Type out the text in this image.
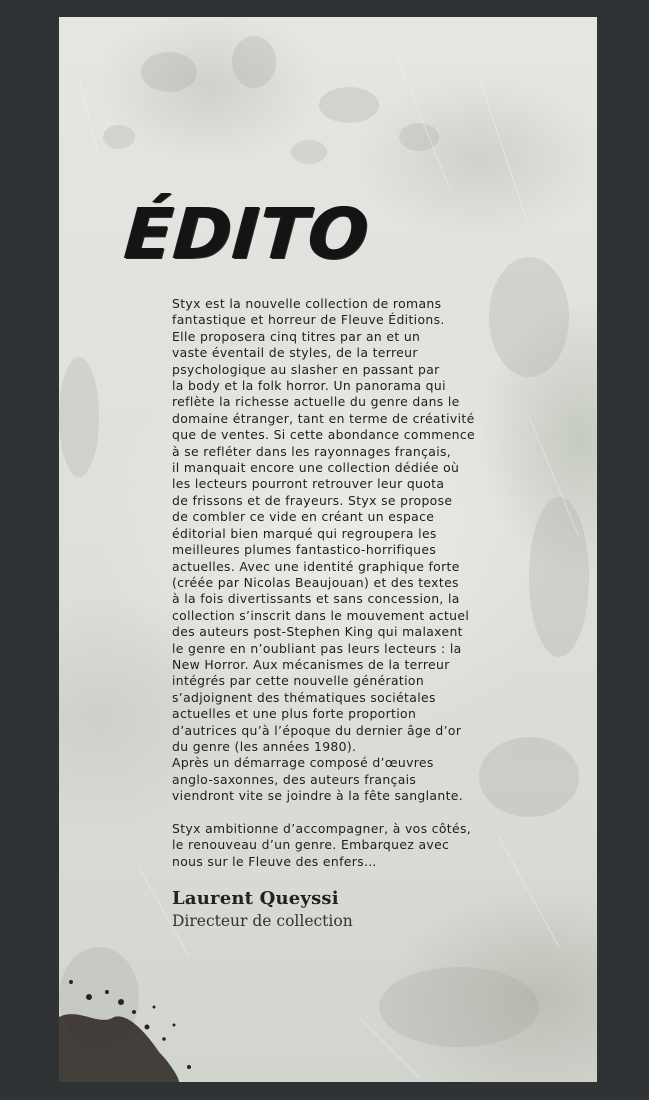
ÉDITO
Styx est la nouvelle collection de romans
fantastique et horreur de Fleuve Éditions.
Elle proposera cinq titres par an et un
vaste éventail de styles, de la terreur
psychologique au slasher en passant par
la body et la folk horror. Un panorama qui
reflète la richesse actuelle du genre dans le
domaine étranger, tant en terme de créativité
que de ventes. Si cette abondance commence
à se refléter dans les rayonnages français,
il manquait encore une collection dédiée où
les lecteurs pourront retrouver leur quota
de frissons et de frayeurs. Styx se propose
de combler ce vide en créant un espace
éditorial bien marqué qui regroupera les
meilleures plumes fantastico-horrifiques
actuelles. Avec une identité graphique forte
(créée par Nicolas Beaujouan) et des textes
à la fois divertissants et sans concession, la
collection s’inscrit dans le mouvement actuel
des auteurs post-Stephen King qui malaxent
le genre en n’oubliant pas leurs lecteurs : la
New Horror. Aux mécanismes de la terreur
intégrés par cette nouvelle génération
s’adjoignent des thématiques sociétales
actuelles et une plus forte proportion
d’autrices qu’à l’époque du dernier âge d’or
du genre (les années 1980).
Après un démarrage composé d’œuvres
anglo-saxonnes, des auteurs français
viendront vite se joindre à la fête sanglante.
Styx ambitionne d’accompagner, à vos côtés,
le renouveau d’un genre. Embarquez avec
nous sur le Fleuve des enfers…
Laurent Queyssi
Directeur de collection
